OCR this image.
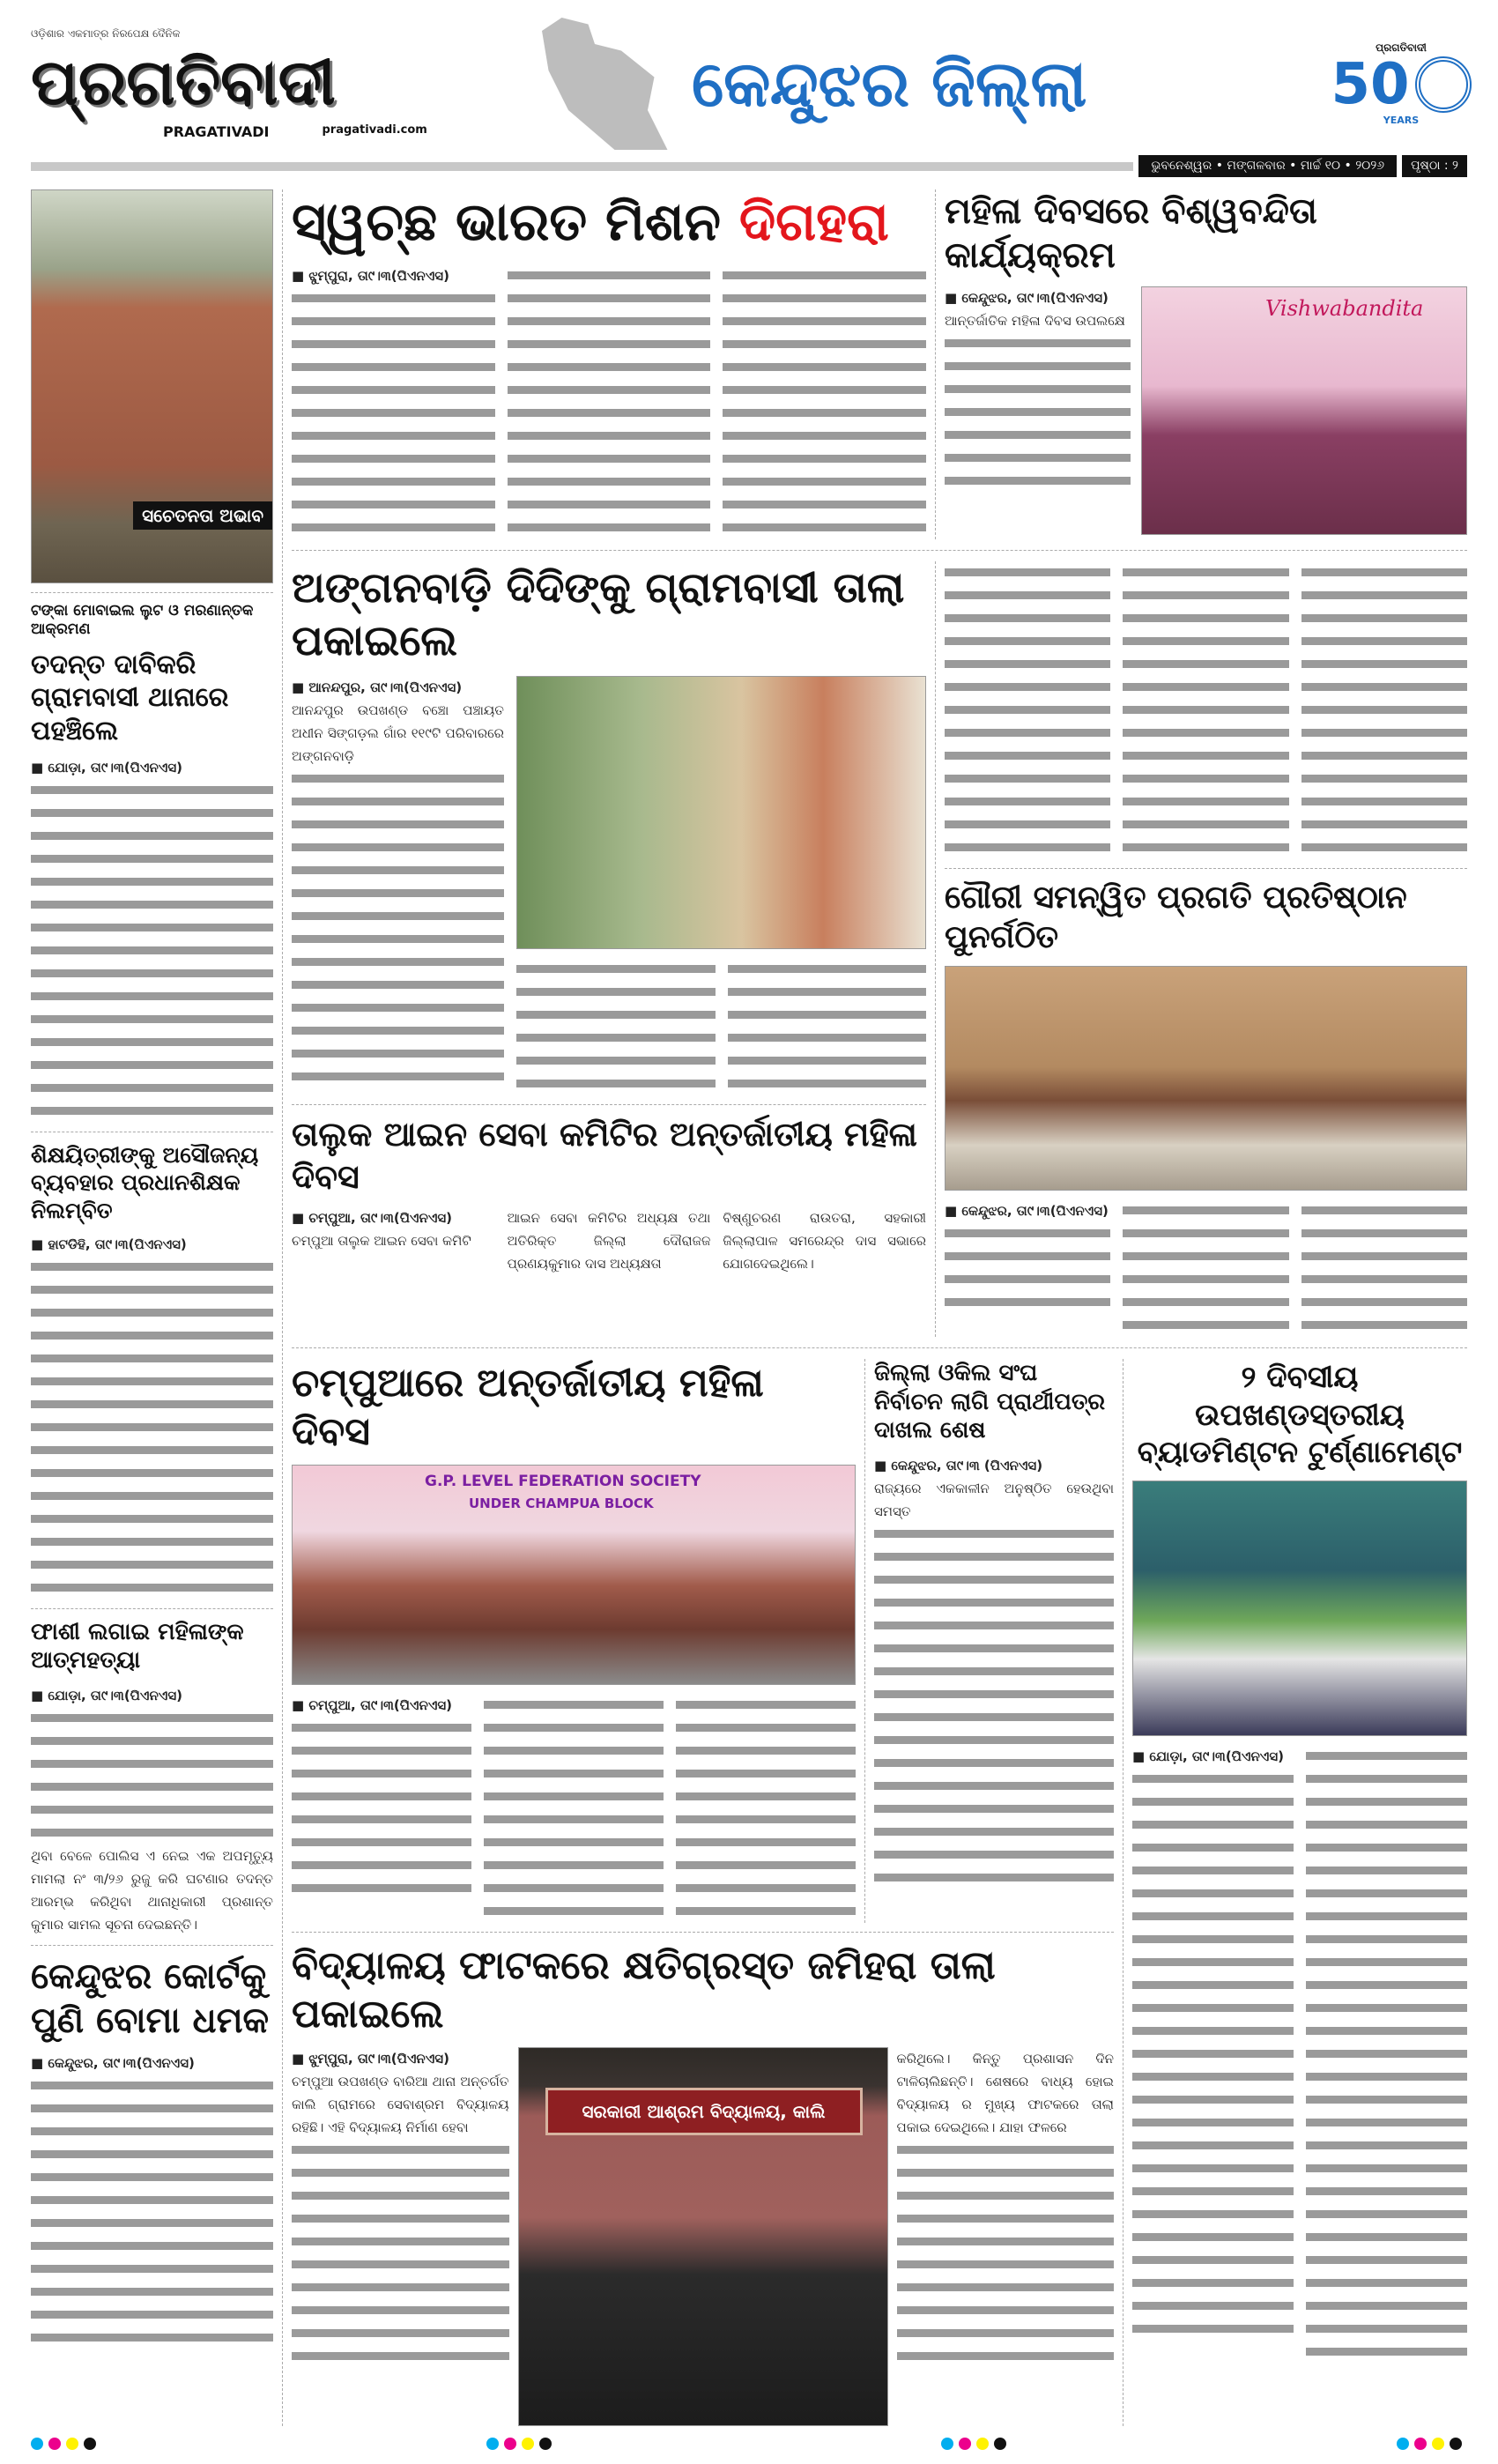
ଓଡ଼ିଶାର ଏକମାତ୍ର ନିରପେକ୍ଷ ଦୈନିକ
ପ୍ରଗତିବାଦୀ
PRAGATIVADI	pragativadi.com
କେନ୍ଦୁଝର ଜିଲ୍ଲା	ପ୍ରଗତିବାଦୀ
50
YEARS
ଭୁବନେଶ୍ୱର • ମଙ୍ଗଳବାର • ମାର୍ଚ୍ଚ ୧୦ • ୨୦୨୬	ପୃଷ୍ଠା : ୨
ସଚେତନତା ଅଭାବ
ଟଙ୍କା ମୋବାଇଲ ଲୁଟ ଓ ମରଣାନ୍ତକ ଆକ୍ରମଣ
ତଦନ୍ତ ଦାବିକରି ଗ୍ରାମବାସୀ ଥାନାରେ ପହଞ୍ଚିଲେ
■ ଯୋଡ଼ା, ତା୯।୩(ପିଏନଏସ)
ଶିକ୍ଷୟିତ୍ରୀଙ୍କୁ ଅସୌଜନ୍ୟ ବ୍ୟବହାର ପ୍ରଧାନଶିକ୍ଷକ ନିଲମ୍ବିତ
■ ହାଟଡିହି, ତା୯।୩(ପିଏନଏସ)
ଫାଶୀ ଲଗାଇ ମହିଳାଙ୍କ ଆତ୍ମହତ୍ୟା
■ ଯୋଡ଼ା, ତା୯।୩(ପିଏନଏସ)
ଥିବା ବେଳେ ପୋଲିସ ଏ ନେଇ ଏକ ଅପମୃତ୍ୟୁ ମାମଲା ନଂ ୩/୨୬ ରୁଜୁ କରି ଘଟଣାର ତଦନ୍ତ ଆରମ୍ଭ କରିଥିବା ଥାନାଧିକାରୀ ପ୍ରଶାନ୍ତ କୁମାର ସାମଲ ସୂଚନା ଦେଇଛନ୍ତି।
କେନ୍ଦୁଝର କୋର୍ଟକୁ ପୁଣି ବୋମା ଧମକ
■ କେନ୍ଦୁଝର, ତା୯।୩(ପିଏନଏସ)
ସ୍ୱଚ୍ଛ ଭାରତ ମିଶନ ଦିଗହରା
■ ଝୁମ୍ପୁରା, ତା୯।୩(ପିଏନଏସ)
ମହିଳା ଦିବସରେ ବିଶ୍ୱବନ୍ଦିତା କାର୍ଯ୍ୟକ୍ରମ
■ କେନ୍ଦୁଝର, ତା୯।୩(ପିଏନଏସ)
ଆନ୍ତର୍ଜାତିକ ମହିଳା ଦିବସ ଉପଲକ୍ଷେ	Vishwabandita
ଅଙ୍ଗନବାଡ଼ି ଦିଦିଙ୍କୁ ଗ୍ରାମବାସୀ ତାଲା ପକାଇଲେ
■ ଆନନ୍ଦପୁର, ତା୯।୩(ପିଏନଏସ)
ଆନନ୍ଦପୁର ଉପଖଣ୍ଡ ବଞ୍ଚୋ ପଞ୍ଚାୟତ ଅଧୀନ ସିଙ୍ଗଡ଼ଲ ଗାଁର ୧୧୯ଟି ପରିବାରରେ ଅଙ୍ଗନବାଡ଼ି
ତାଲୁକ ଆଇନ ସେବା କମିଟିର ଅନ୍ତର୍ଜାତୀୟ ମହିଳା ଦିବସ
■ ଚମ୍ପୁଆ, ତା୯।୩(ପିଏନଏସ)
ଚମ୍ପୁଆ ତାଲୁକ ଆଇନ ସେବା କମିଟି
ଆଇନ ସେବା କମିଟିର ଅଧ୍ୟକ୍ଷ ତଥା ଅତିରିକ୍ତ ଜିଲ୍ଲା ଦୌରାଜଜ ପ୍ରଣୟକୁମାର ଦାସ ଅଧ୍ୟକ୍ଷତା
ବିଷ୍ଣୁଚରଣ ରାଉତରା, ସହକାରୀ ଜିଲ୍ଲାପାଳ ସମରେନ୍ଦ୍ର ଦାସ ସଭାରେ ଯୋଗଦେଇଥିଲେ।
ଗୌରୀ ସମନ୍ୱିତ ପ୍ରଗତି ପ୍ରତିଷ୍ଠାନ ପୁନର୍ଗଠିତ
■ କେନ୍ଦୁଝର, ତା୯।୩(ପିଏନଏସ)
ଚମ୍ପୁଆରେ ଅନ୍ତର୍ଜାତୀୟ ମହିଳା ଦିବସ
G.P. LEVEL FEDERATION SOCIETY
UNDER CHAMPUA BLOCK
■ ଚମ୍ପୁଆ, ତା୯।୩(ପିଏନଏସ)
ଜିଲ୍ଲା ଓକିଲ ସଂଘ ନିର୍ବାଚନ ଲାଗି ପ୍ରାର୍ଥୀପତ୍ର ଦାଖଲ ଶେଷ
■ କେନ୍ଦୁଝର, ତା୯।୩ (ପିଏନଏସ)
ରାଜ୍ୟରେ ଏକକାଳୀନ ଅନୁଷ୍ଠିତ ହେଉଥିବା ସମସ୍ତ
ବିଦ୍ୟାଳୟ ଫାଟକରେ କ୍ଷତିଗ୍ରସ୍ତ ଜମିହରା ତାଲା ପକାଇଲେ
■ ଝୁମ୍ପୁରା, ତା୯।୩(ପିଏନଏସ)
ଚମ୍ପୁଆ ଉପଖଣ୍ଡ ବାରିଆ ଥାନା ଅନ୍ତର୍ଗତ କାଲି ଗ୍ରାମରେ ସେବାଶ୍ରମ ବିଦ୍ୟାଳୟ ରହିଛି। ଏହି ବିଦ୍ୟାଳୟ ନିର୍ମାଣ ହେବା
ସରକାରୀ ଆଶ୍ରମ ବିଦ୍ୟାଳୟ, କାଲି
କରିଥିଲେ। କିନ୍ତୁ ପ୍ରଶାସନ ଦିନ ଟାଳିଚାଲିଛନ୍ତି। ଶେଷରେ ବାଧ୍ୟ ହୋଇ ବିଦ୍ୟାଳୟ ର ମୁଖ୍ୟ ଫାଟକରେ ତାଲା ପକାଇ ଦେଇଥିଲେ। ଯାହା ଫଳରେ
୨ ଦିବସୀୟ ଉପଖଣ୍ଡସ୍ତରୀୟ ବ୍ୟାଡମିଣ୍ଟନ ଟୁର୍ଣ୍ଣାମେଣ୍ଟ
■ ଯୋଡ଼ା, ତା୯।୩(ପିଏନଏସ)
